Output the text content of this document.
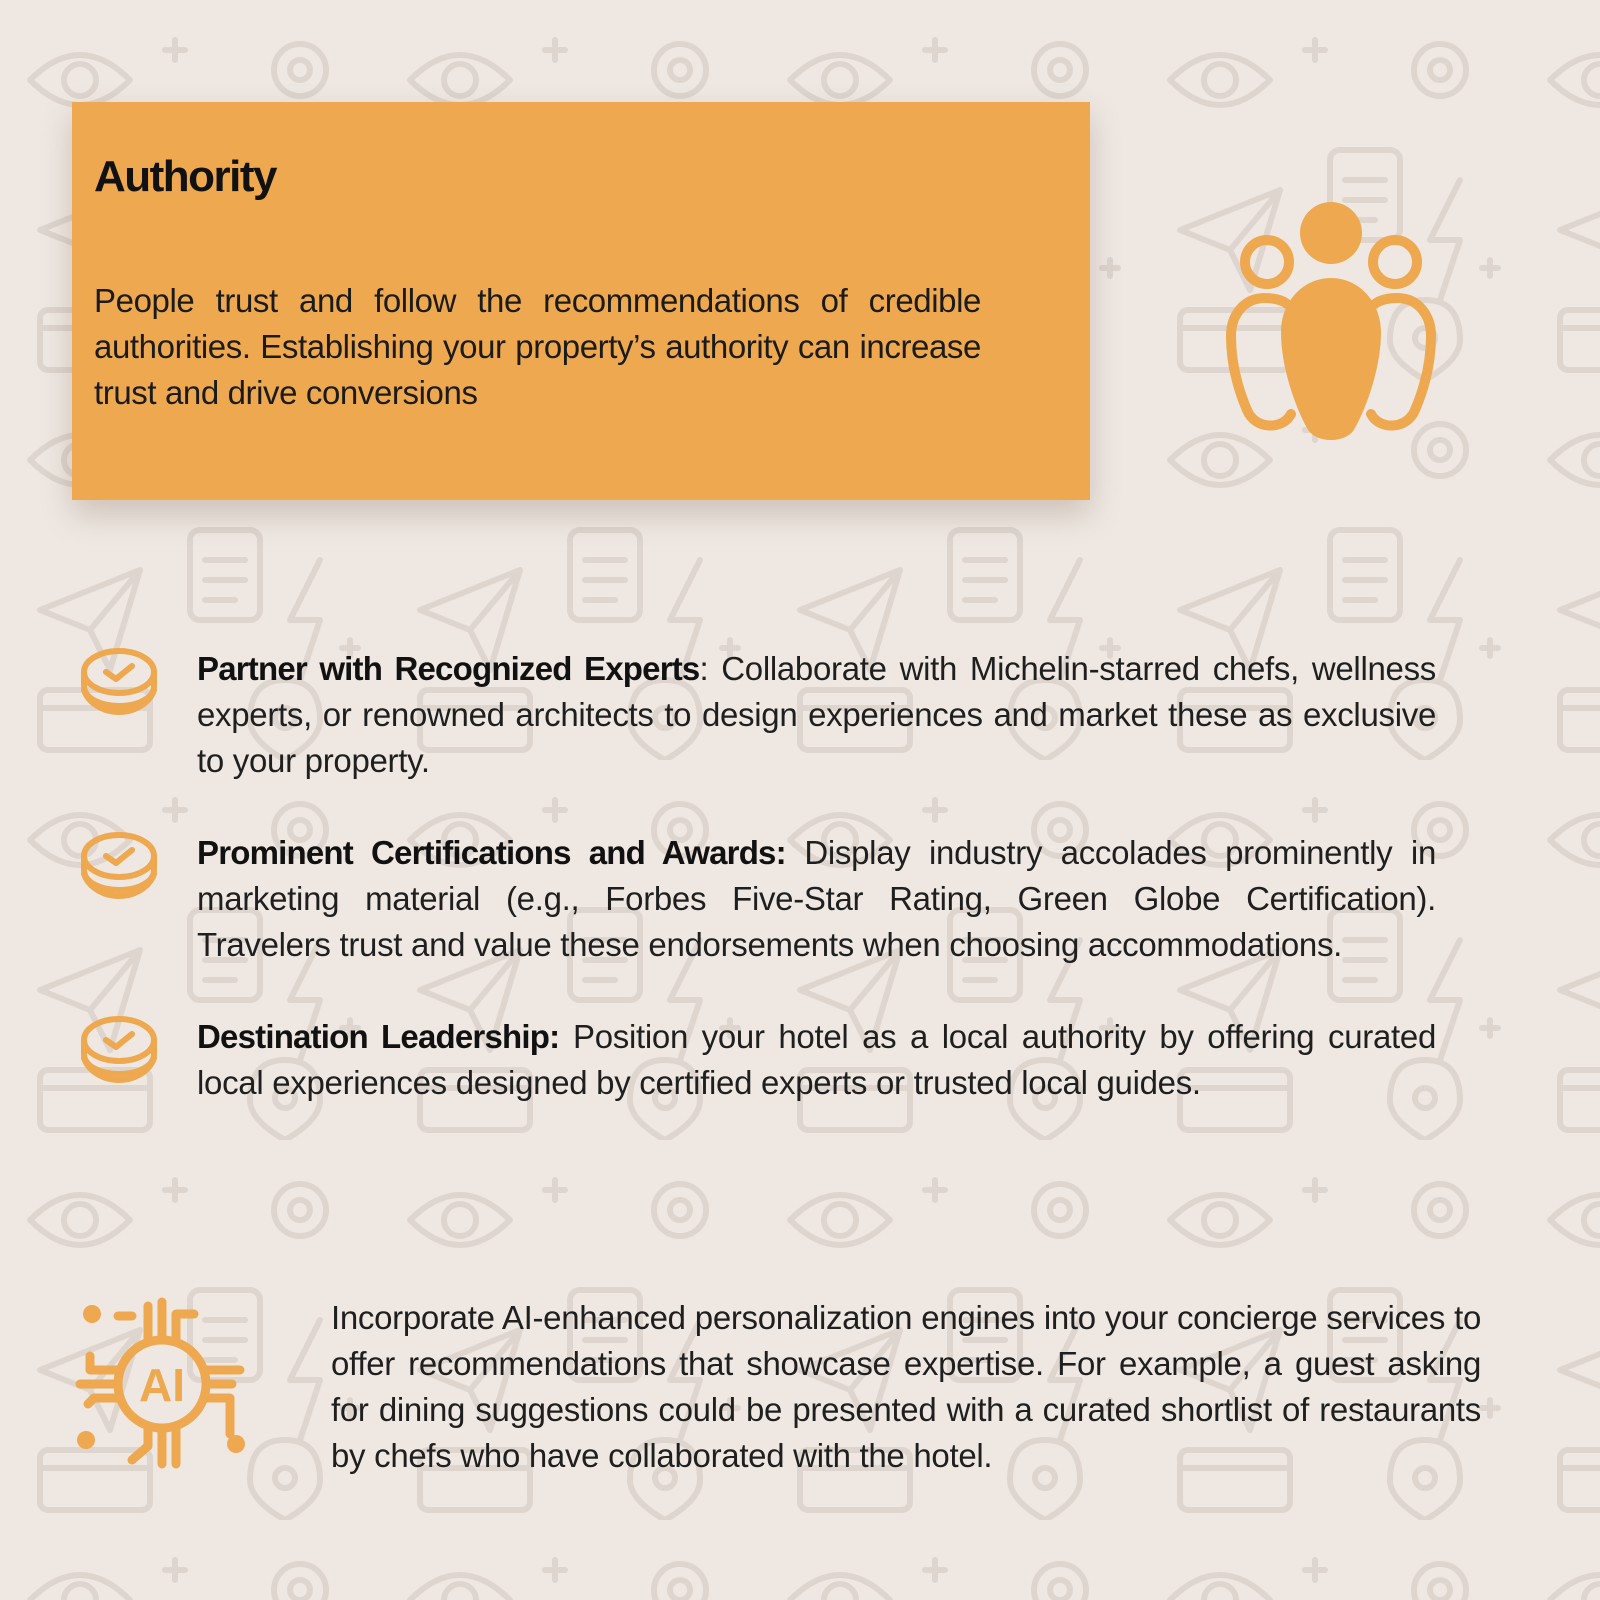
Authority

People trust and follow the recommendations of credible authorities. Establishing your property’s authority can increase trust and drive conversions

Partner with Recognized Experts: Collaborate with Michelin-starred chefs, wellness experts, or renowned architects to design experiences and market these as exclusive to your property.

Prominent Certifications and Awards: Display industry accolades prominently in marketing material (e.g., Forbes Five-Star Rating, Green Globe Certification). Travelers trust and value these endorsements when choosing accommodations.

Destination Leadership: Position your hotel as a local authority by offering curated local experiences designed by certified experts or trusted local guides.

AI

Incorporate AI-enhanced personalization engines into your concierge services to offer recommendations that showcase expertise. For example, a guest asking for dining suggestions could be presented with a curated shortlist of restaurants by chefs who have collaborated with the hotel.
